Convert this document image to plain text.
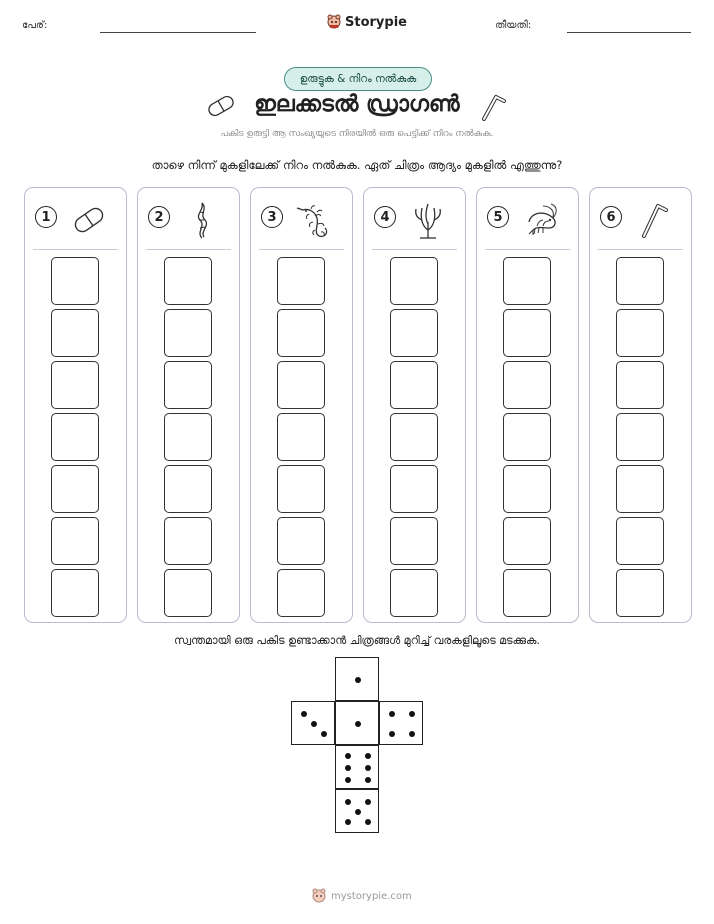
പേര്:	Storypie	തീയതി:
ഉരുട്ടുക & നിറം നൽകുക
ഇലക്കടൽ ഡ്രാഗൺ
പകിട ഉരുട്ടി ആ സംഖ്യയുടെ നിരയിൽ ഒരു പെട്ടിക്ക് നിറം നൽകുക.
താഴെ നിന്ന് മുകളിലേക്ക് നിറം നൽകുക. ഏത് ചിത്രം ആദ്യം മുകളിൽ എത്തുന്നു?
1	2	3	4	5	6
സ്വന്തമായി ഒരു പകിട ഉണ്ടാക്കാൻ ചിത്രങ്ങൾ മുറിച്ച് വരകളിലൂടെ മടക്കുക.
mystorypie.com
